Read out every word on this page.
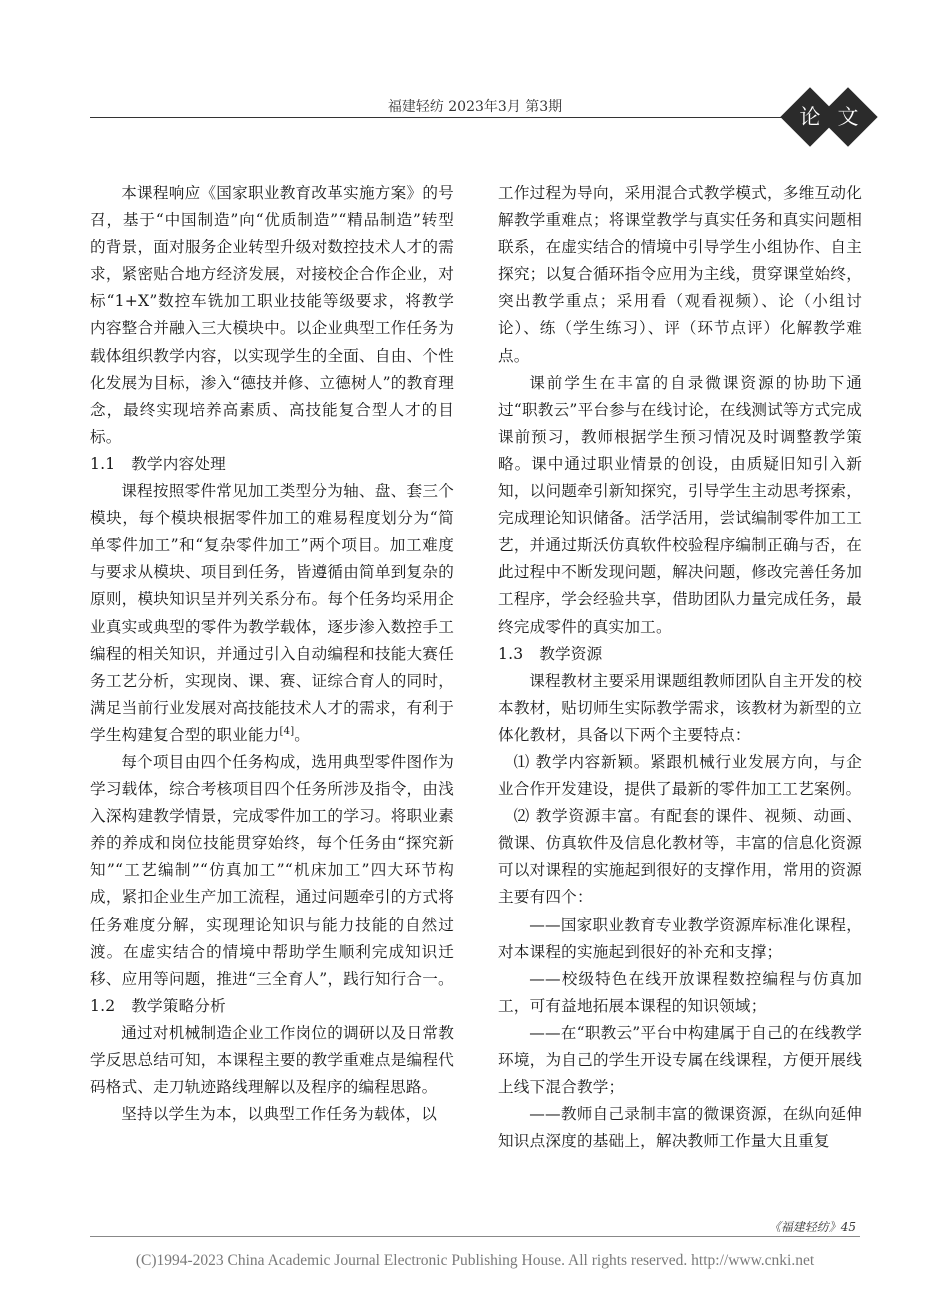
福建轻纺 2023年3月 第3期	论 文

本课程响应《国家职业教育改革实施方案》的号召，基于“中国制造”向“优质制造”“精品制造”转型的背景，面对服务企业转型升级对数控技术人才的需求，紧密贴合地方经济发展，对接校企合作企业，对标“1+X”数控车铣加工职业技能等级要求，将教学内容整合并融入三大模块中。以企业典型工作任务为载体组织教学内容，以实现学生的全面、自由、个性化发展为目标，渗入“德技并修、立德树人”的教育理念，最终实现培养高素质、高技能复合型人才的目标。

1.1　教学内容处理

课程按照零件常见加工类型分为轴、盘、套三个模块，每个模块根据零件加工的难易程度划分为“简单零件加工”和“复杂零件加工”两个项目。加工难度与要求从模块、项目到任务，皆遵循由简单到复杂的原则，模块知识呈并列关系分布。每个任务均采用企业真实或典型的零件为教学载体，逐步渗入数控手工编程的相关知识，并通过引入自动编程和技能大赛任务工艺分析，实现岗、课、赛、证综合育人的同时，满足当前行业发展对高技能技术人才的需求，有利于学生构建复合型的职业能力[4]。

每个项目由四个任务构成，选用典型零件图作为学习载体，综合考核项目四个任务所涉及指令，由浅入深构建教学情景，完成零件加工的学习。将职业素养的养成和岗位技能贯穿始终，每个任务由“探究新知”“工艺编制”“仿真加工”“机床加工”四大环节构成，紧扣企业生产加工流程，通过问题牵引的方式将任务难度分解，实现理论知识与能力技能的自然过渡。在虚实结合的情境中帮助学生顺利完成知识迁移、应用等问题，推进“三全育人”，践行知行合一。

1.2　教学策略分析

通过对机械制造企业工作岗位的调研以及日常教学反思总结可知，本课程主要的教学重难点是编程代码格式、走刀轨迹路线理解以及程序的编程思路。

坚持以学生为本，以典型工作任务为载体，以

工作过程为导向，采用混合式教学模式，多维互动化解教学重难点；将课堂教学与真实任务和真实问题相联系，在虚实结合的情境中引导学生小组协作、自主探究；以复合循环指令应用为主线，贯穿课堂始终，突出教学重点；采用看（观看视频）、论（小组讨论）、练（学生练习）、评（环节点评）化解教学难点。

课前学生在丰富的自录微课资源的协助下通过“职教云”平台参与在线讨论，在线测试等方式完成课前预习，教师根据学生预习情况及时调整教学策略。课中通过职业情景的创设，由质疑旧知引入新知，以问题牵引新知探究，引导学生主动思考探索，完成理论知识储备。活学活用，尝试编制零件加工工艺，并通过斯沃仿真软件校验程序编制正确与否，在此过程中不断发现问题，解决问题，修改完善任务加工程序，学会经验共享，借助团队力量完成任务，最终完成零件的真实加工。

1.3　教学资源

课程教材主要采用课题组教师团队自主开发的校本教材，贴切师生实际教学需求，该教材为新型的立体化教材，具备以下两个主要特点：

⑴ 教学内容新颖。紧跟机械行业发展方向，与企业合作开发建设，提供了最新的零件加工工艺案例。

⑵ 教学资源丰富。有配套的课件、视频、动画、微课、仿真软件及信息化教材等，丰富的信息化资源可以对课程的实施起到很好的支撑作用，常用的资源主要有四个：

——国家职业教育专业教学资源库标准化课程，对本课程的实施起到很好的补充和支撑；

——校级特色在线开放课程数控编程与仿真加工，可有益地拓展本课程的知识领域；

——在“职教云”平台中构建属于自己的在线教学环境，为自己的学生开设专属在线课程，方便开展线上线下混合教学；

——教师自己录制丰富的微课资源，在纵向延伸知识点深度的基础上，解决教师工作量大且重复

《福建轻纺》45
(C)1994-2023 China Academic Journal Electronic Publishing House. All rights reserved. http://www.cnki.net
